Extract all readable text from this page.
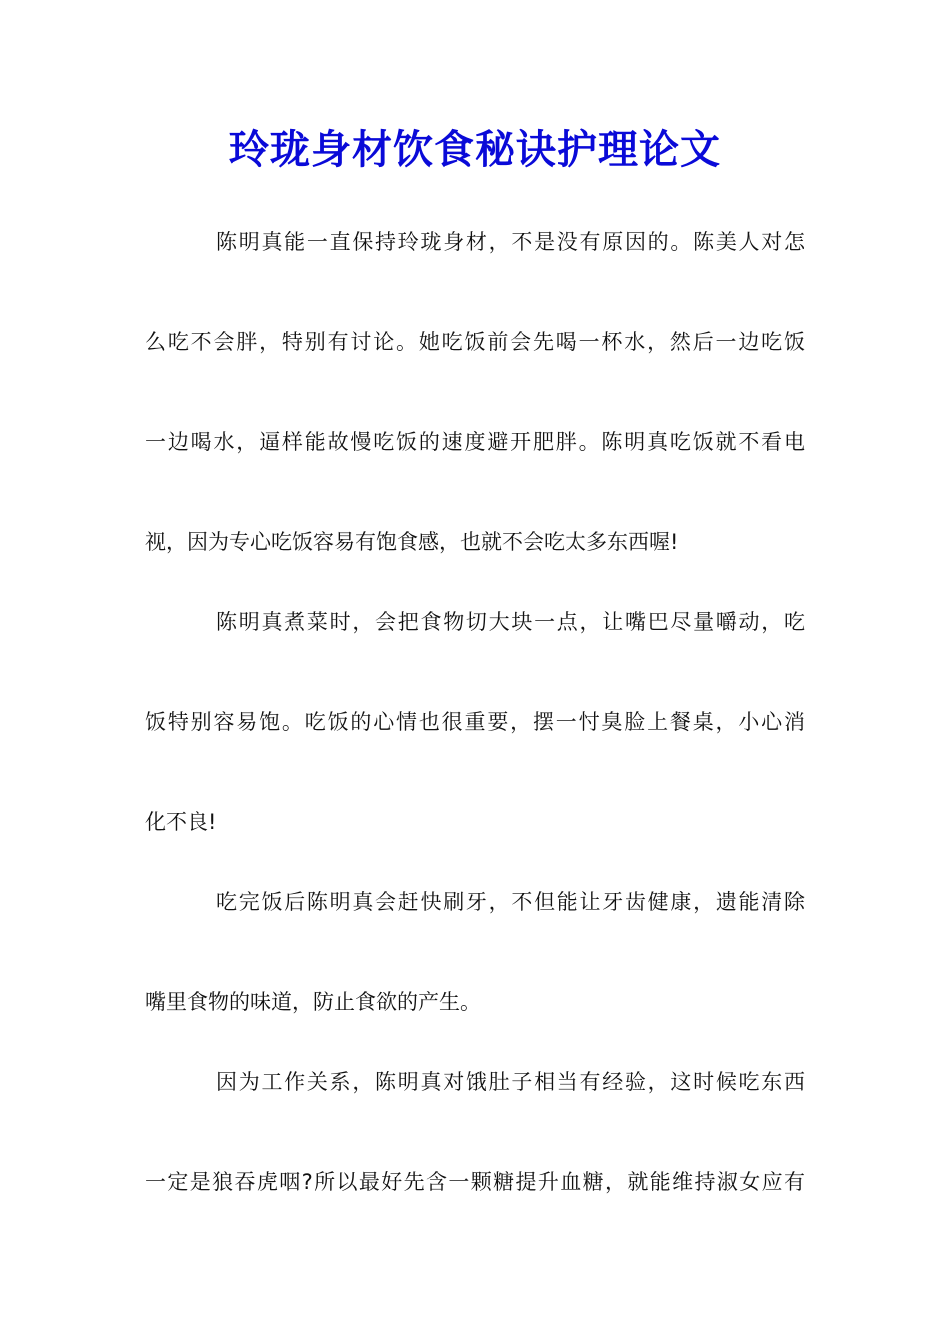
玲珑身材饮食秘诀护理论文
陈明真能一直保持玲珑身材，不是没有原因的。陈美人对怎
么吃不会胖，特别有讨论。她吃饭前会先喝一杯水，然后一边吃饭
一边喝水，逼样能故慢吃饭的速度避开肥胖。陈明真吃饭就不看电
视，因为专心吃饭容易有饱食感，也就不会吃太多东西喔!
陈明真煮菜时，会把食物切大块一点，让嘴巴尽量嚼动，吃
饭特别容易饱。吃饭的心情也很重要，摆一忖臭脸上餐桌，小心消
化不良!
吃完饭后陈明真会赶快刷牙，不但能让牙齿健康，遗能清除
嘴里食物的味道，防止食欲的产生。
因为工作关系，陈明真对饿肚子相当有经验，这时候吃东西
一定是狼吞虎咽?所以最好先含一颗糖提升血糖，就能维持淑女应有
